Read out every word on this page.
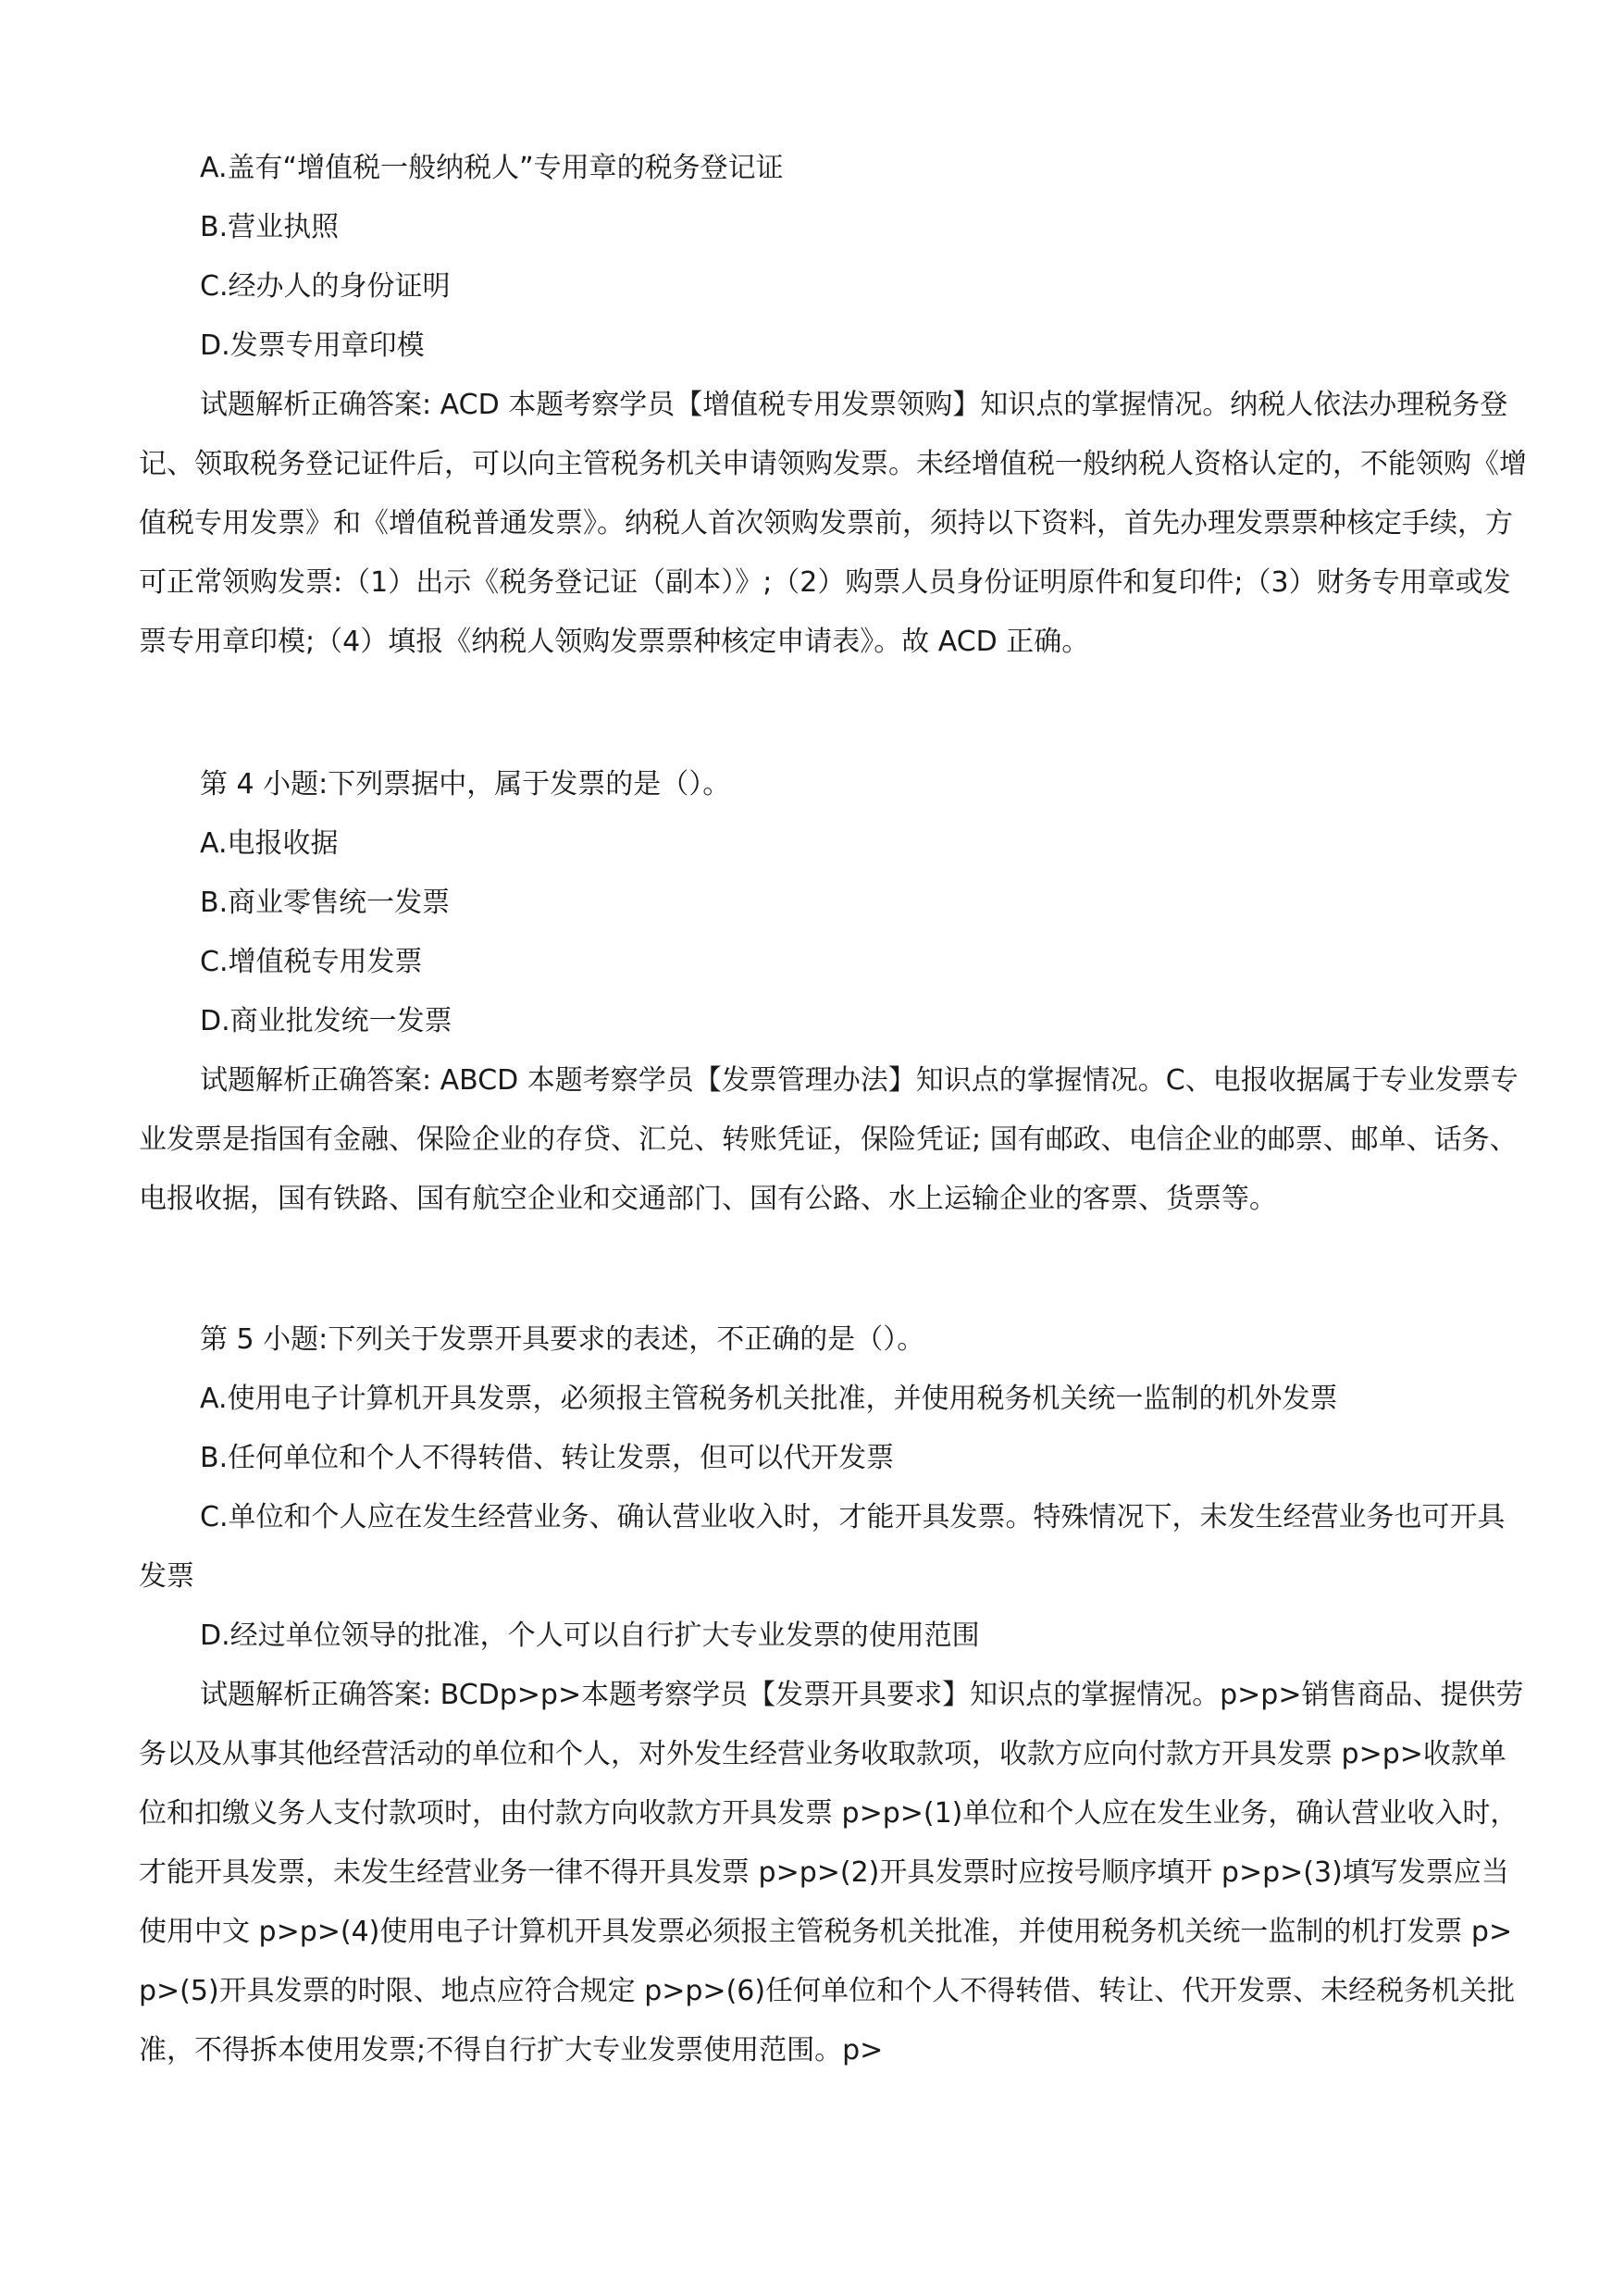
A.盖有“增值税一般纳税人”专用章的税务登记证

B.营业执照

C.经办人的身份证明

D.发票专用章印模

试题解析正确答案: ACD 本题考察学员【增值税专用发票领购】知识点的掌握情况。纳税人依法办理税务登记、领取税务登记证件后，可以向主管税务机关申请领购发票。未经增值税一般纳税人资格认定的，不能领购《增值税专用发票》和《增值税普通发票》。纳税人首次领购发票前，须持以下资料，首先办理发票票种核定手续，方可正常领购发票:（1）出示《税务登记证（副本）》;（2）购票人员身份证明原件和复印件;（3）财务专用章或发票专用章印模;（4）填报《纳税人领购发票票种核定申请表》。故 ACD 正确。

第 4 小题:下列票据中，属于发票的是（）。

A.电报收据

B.商业零售统一发票

C.增值税专用发票

D.商业批发统一发票

试题解析正确答案: ABCD 本题考察学员【发票管理办法】知识点的掌握情况。C、电报收据属于专业发票专业发票是指国有金融、保险企业的存贷、汇兑、转账凭证，保险凭证; 国有邮政、电信企业的邮票、邮单、话务、电报收据，国有铁路、国有航空企业和交通部门、国有公路、水上运输企业的客票、货票等。

第 5 小题:下列关于发票开具要求的表述，不正确的是（）。

A.使用电子计算机开具发票，必须报主管税务机关批准，并使用税务机关统一监制的机外发票

B.任何单位和个人不得转借、转让发票，但可以代开发票

C.单位和个人应在发生经营业务、确认营业收入时，才能开具发票。特殊情况下，未发生经营业务也可开具发票

D.经过单位领导的批准，个人可以自行扩大专业发票的使用范围

试题解析正确答案: BCDp>p>本题考察学员【发票开具要求】知识点的掌握情况。p>p>销售商品、提供劳务以及从事其他经营活动的单位和个人，对外发生经营业务收取款项，收款方应向付款方开具发票 p>p>收款单位和扣缴义务人支付款项时，由付款方向收款方开具发票 p>p>(1)单位和个人应在发生业务，确认营业收入时，才能开具发票，未发生经营业务一律不得开具发票 p>p>(2)开具发票时应按号顺序填开 p>p>(3)填写发票应当使用中文 p>p>(4)使用电子计算机开具发票必须报主管税务机关批准，并使用税务机关统一监制的机打发票 p>p>(5)开具发票的时限、地点应符合规定 p>p>(6)任何单位和个人不得转借、转让、代开发票、未经税务机关批准，不得拆本使用发票;不得自行扩大专业发票使用范围。p>
